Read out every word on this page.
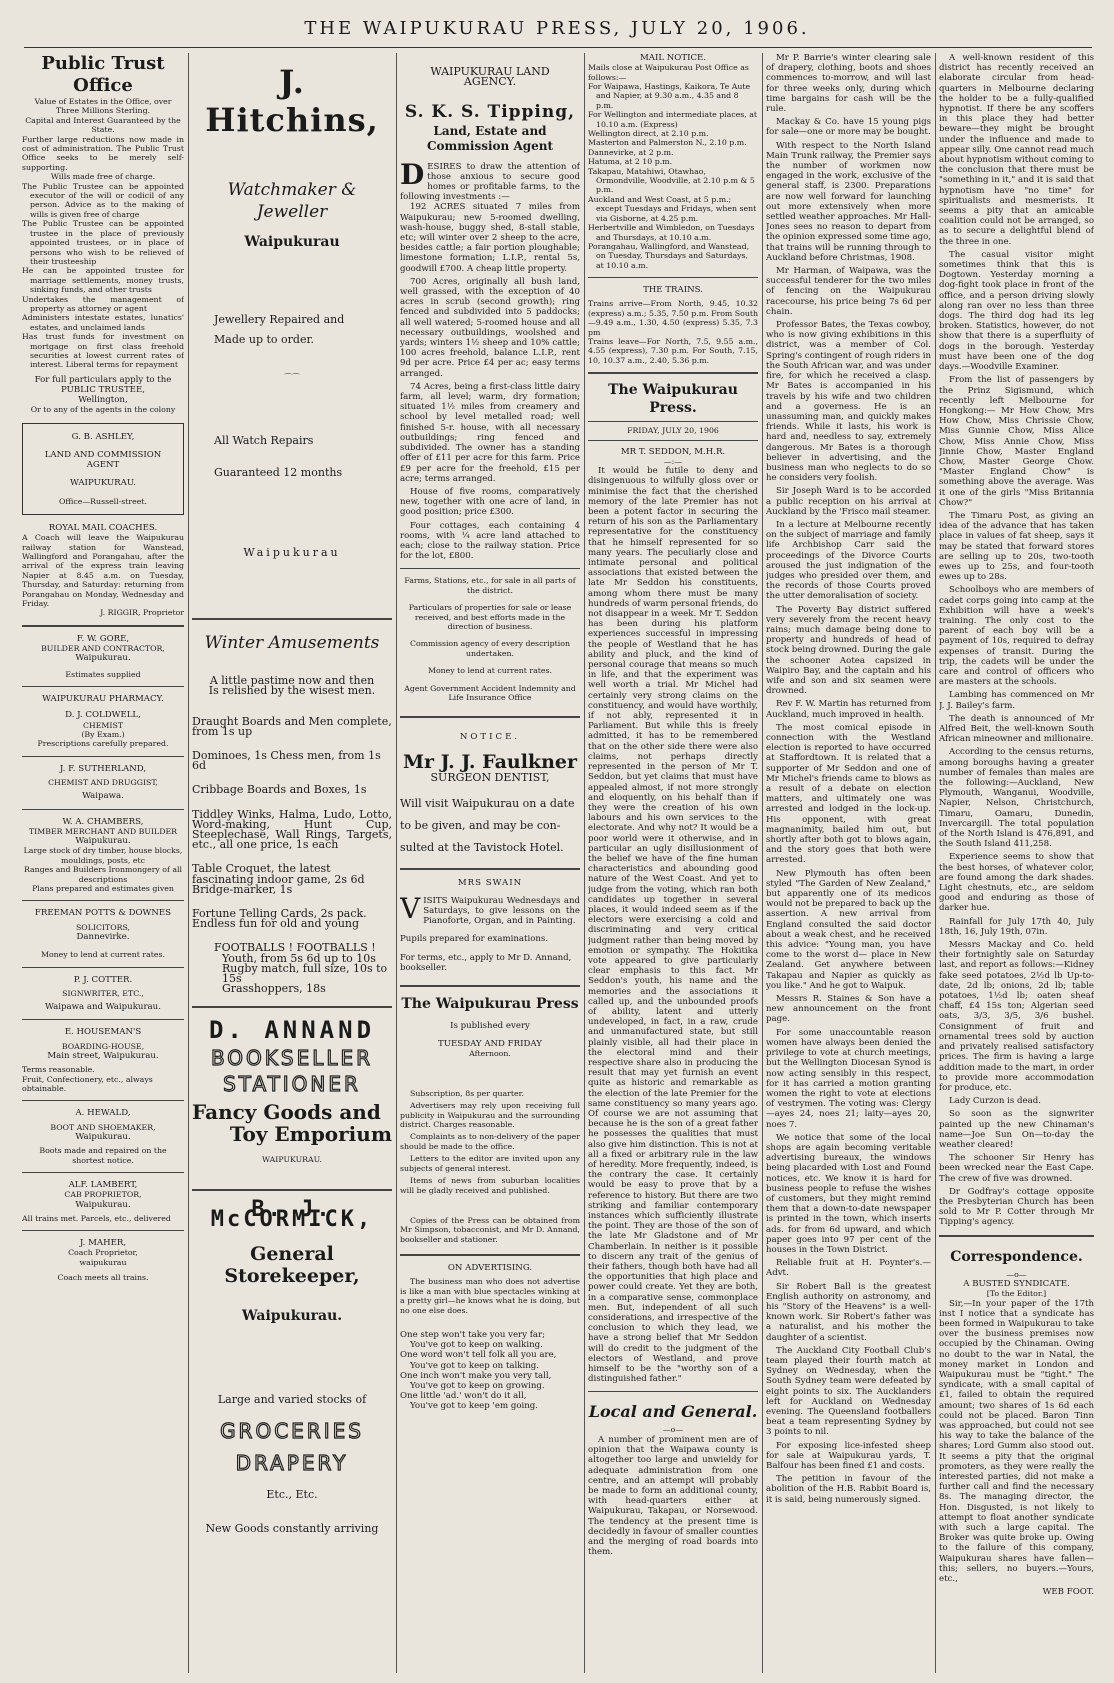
THE WAIPUKURAU PRESS, JULY 20, 1906.
Public Trust Office
Value of Estates in the Office, over Three Millions Sterling.
Capital and Interest Guaranteed by the State.
Further large reductions now made in cost of administration. The Public Trust Office seeks to be merely self-supporting.
Wills made free of charge.
The Public Trustee can be appointed executor of the will or codicil of any person. Advice as to the making of wills is given free of charge
The Public Trustee can be appointed trustee in the place of previously appointed trustees, or in place of persons who wish to be relieved of their trusteeship
He can be appointed trustee for marriage settlements, money trusts, sinking funds, and other trusts
Undertakes the management of property as attorney or agent
Administers intestate estates, lunatics' estates, and unclaimed lands
Has trust funds for investment on mortgage on first class freehold securities at lowest current rates of interest. Liberal terms for repayment
For full particulars apply to the
PUBLIC TRUSTEE,
Wellington,
Or to any of the agents in the colony
G. B. ASHLEY,
LAND AND COMMISSION AGENT
WAIPUKURAU.
Office—Russell-street.
ROYAL MAIL COACHES.
A Coach will leave the Waipukurau railway station for Wanstead, Wallingford and Porangahau, after the arrival of the express train leaving Napier at 8.45 a.m. on Tuesday, Thursday, and Saturday: returning from Porangahau on Monday, Wednesday and Friday.
J. RIGGIR, Proprietor
F. W. GORE,
BUILDER AND CONTRACTOR,
Waipukurau.
Estimates supplied
WAIPUKURAU PHARMACY.
D. J. COLDWELL,
CHEMIST
(By Exam.)
Prescriptions carefully prepared.
J. F. SUTHERLAND,
CHEMIST AND DRUGGIST,
Waipawa.
W. A. CHAMBERS,
TIMBER MERCHANT AND BUILDER
Waipukurau.
Large stock of dry timber, house blocks, mouldings, posts, etc
Ranges and Builders Ironmongery of all descriptions
Plans prepared and estimates given
FREEMAN POTTS & DOWNES
SOLICITORS,
Dannevirke.
Money to lend at current rates.
P. J. COTTER.
SIGNWRITER, ETC.,
Waipawa and Waipukurau.
E. HOUSEMAN'S
BOARDING-HOUSE,
Main street, Waipukurau.
Terms reasonable.
Fruit, Confectionery, etc., always obtainable.
A. HEWALD,
BOOT AND SHOEMAKER,
Waipukurau.
Boots made and repaired on the shortest notice.
ALF. LAMBERT,
CAB PROPRIETOR,
Waipukurau.
All trains met. Parcels, etc., delivered
J. MAHER,
Coach Proprietor,
waipukurau
Coach meets all trains.
J. Hitchins,
Watchmaker & Jeweller
Waipukurau
Jewellery Repaired and
Made up to order.
⌒⌒
All Watch Repairs
Guaranteed 12 months
Waipukurau
Winter Amusements
A little pastime now and then
Is relished by the wisest men.
Draught Boards and Men complete, from 1s up
Dominoes, 1s Chess men, from 1s 6d
Cribbage Boards and Boxes, 1s
Tiddley Winks, Halma, Ludo, Lotto, Word-making, Hunt Cup, Steeplechase, Wall Rings, Targets, etc., all one price, 1s each
Table Croquet, the latest fascinating indoor game, 2s 6d Bridge-marker, 1s
Fortune Telling Cards, 2s pack. Endless fun for old and young
FOOTBALLS ! FOOTBALLS !
Youth, from 5s 6d up to 10s
Rugby match, full size, 10s to 15s
Grasshoppers, 18s
D. ANNAND
BOOKSELLER
STATIONER
Fancy Goods and
Toy Emporium
WAIPUKURAU.
B. J. McCORMICK,
General Storekeeper,
Waipukurau.
Large and varied stocks of
GROCERIES
DRAPERY
Etc., Etc.
New Goods constantly arriving
WAIPUKURAU LAND AGENCY.
S. K. S. Tipping,
Land, Estate and Commission Agent
DESIRES to draw the attention of those anxious to secure good homes or profitable farms, to the following investments :—

192 ACRES situated 7 miles from Waipukurau; new 5-roomed dwelling, wash-house, buggy shed, 8-stall stable, etc; will winter over 2 sheep to the acre, besides cattle; a fair portion ploughable; limestone formation; L.I.P., rental 5s, goodwill £700. A cheap little property.

700 Acres, originally all bush land, well grassed, with the exception of 40 acres in scrub (second growth); ring fenced and subdivided into 5 paddocks; all well watered; 5-roomed house and all necessary outbuildings, woolshed and yards; winters 1½ sheep and 10% cattle; 100 acres freehold, balance L.I.P., rent 9d per acre. Price £4 per ac; easy terms arranged.

74 Acres, being a first-class little dairy farm, all level; warm, dry formation; situated 1½ miles from creamery and school by level metalled road; well finished 5-r. house, with all necessary outbuildings; ring fenced and subdivided. The owner has a standing offer of £11 per acre for this farm. Price £9 per acre for the freehold, £15 per acre; terms arranged.

House of five rooms, comparatively new, together with one acre of land, in good position; price £300.

Four cottages, each containing 4 rooms, with ¼ acre land attached to each; close to the railway station. Price for the lot, £800.

Farms, Stations, etc., for sale in all parts of the district.
Particulars of properties for sale or lease received, and best efforts made in the direction of business.
Commission agency of every description undertaken.
Money to lend at current rates.
Agent Government Accident Indemnity and Life Insurance Office
NOTICE.
Mr J. J. Faulkner
SURGEON DENTIST,
Will visit Waipukurau on a date
to be given, and may be con-
sulted at the Tavistock Hotel.
MRS SWAIN
VISITS Waipukurau Wednesdays and Saturdays, to give lessons on the Pianoforte, Organ, and in Painting.
Pupils prepared for examinations.
For terms, etc., apply to Mr D. Annand, bookseller.
The Waipukurau Press
Is published every
TUESDAY AND FRIDAY
Afternoon.

Subscription, 8s per quarter.

Advertisers may rely upon receiving full publicity in Waipukurau and the surrounding district. Charges reasonable.

Complaints as to non-delivery of the paper should be made to the office.

Letters to the editor are invited upon any subjects of general interest.

Items of news from suburban localities will be gladly received and published.

Copies of the Press can be obtained from Mr Simpson, tobacconist, and Mr D. Annand, bookseller and stationer.

ON ADVERTISING.

The business man who does not advertise is like a man with blue spectacles winking at a pretty girl—he knows what he is doing, but no one else does.

One step won't take you very far;
You've got to keep on walking.
One word won't tell folk all you are,
You've got to keep on talking.
One inch won't make you very tall,
You've got to keep on growing.
One little 'ad.' won't do it all,
You've got to keep 'em going.
MAIL NOTICE.
Mails close at Waipukurau Post Office as follows:—
For Waipawa, Hastings, Kaikora, Te Aute and Napier, at 9.30 a.m., 4.35 and 8 p.m.
For Wellington and intermediate places, at 10.10 a.m. (Express)
Wellington direct, at 2.10 p.m.
Masterton and Palmerston N., 2.10 p.m.
Dannevirke, at 2 p.m.
Hatuma, at 2 10 p.m.
Takapau, Matahiwi, Otawhao, Ormondville, Woodville, at 2.10 p.m & 5 p.m.
Auckland and West Coast, at 5 p.m.; except Tuesdays and Fridays, when sent via Gisborne, at 4.25 p.m.
Herbertville and Wimbledon, on Tuesdays and Thursdays, at 10.10 a.m.
Porangahau, Wallingford, and Wanstead, on Tuesday, Thursdays and Saturdays, at 10.10 a.m.
THE TRAINS.
Trains arrive—From North, 9.45, 10.32 (express) a.m.; 5.35, 7.50 p.m. From South—9.49 a.m., 1.30, 4.50 (express) 5.35, 7.3 pm
Trains leave—For North, 7.5, 9.55 a.m., 4.55 (express), 7.30 p.m. For South, 7.15, 10, 10.37 a.m., 2.40, 5.36 p.m.
The Waipukurau Press.
FRIDAY, JULY 20, 1906
MR T. SEDDON, M.H.R.
—:—

It would be futile to deny and disingenuous to wilfully gloss over or minimise the fact that the cherished memory of the late Premier has not been a potent factor in securing the return of his son as the Parliamentary representative for the constituency that he himself represented for so many years. The peculiarly close and intimate personal and political associations that existed between the late Mr Seddon his constituents, among whom there must be many hundreds of warm personal friends, do not disappear in a week. Mr T. Seddon has been during his platform experiences successful in impressing the people of Westland that he has ability and pluck, and the kind of personal courage that means so much in life, and that the experiment was well worth a trial. Mr Michel had certainly very strong claims on the constituency, and would have worthily, if not ably, represented it in Parliament. But while this is freely admitted, it has to be remembered that on the other side there were also claims, not perhaps directly represented in the person of Mr T. Seddon, but yet claims that must have appealed almost, if not more strongly and eloquently, on his behalf than if they were the creation of his own labours and his own services to the electorate. And why not? It would be a poor world were it otherwise, and in particular an ugly disillusionment of the belief we have of the fine human characteristics and abounding good nature of the West Coast. And yet to judge from the voting, which ran both candidates up together in several places, it would indeed seem as if the electors were exercising a cold and discriminating and very critical judgment rather than being moved by emotion or sympathy. The Hokitika vote appeared to give particularly clear emphasis to this fact. Mr Seddon's youth, his name and the memories and the associations it called up, and the unbounded proofs of ability, latent and utterly undeveloped, in fact, in a raw, crude and unmanufactured state, but still plainly visible, all had their place in the electoral mind and their respective share also in producing the result that may yet furnish an event quite as historic and remarkable as the election of the late Premier for the same constituency so many years ago. Of course we are not assuming that because he is the son of a great father he possesses the qualities that must also give him distinction. This is not at all a fixed or arbitrary rule in the law of heredity. More frequently, indeed, is the contrary the case. It certainly would be easy to prove that by a reference to history. But there are two striking and familiar contemporary instances which sufficiently illustrate the point. They are those of the son of the late Mr Gladstone and of Mr Chamberlain. In neither is it possible to discern any trait of the genius of their fathers, though both have had all the opportunities that high place and power could create. Yet they are both, in a comparative sense, commonplace men. But, independent of all such considerations, and irrespective of the conclusion to which they lead, we have a strong belief that Mr Seddon will do credit to the judgment of the electors of Westland, and prove himself to be the "worthy son of a distinguished father."

Local and General.
—o—

A number of prominent men are of opinion that the Waipawa county is altogether too large and unwieldy for adequate administration from one centre, and an attempt will probably be made to form an additional county, with head-quarters either at Waipukurau, Takapau, or Norsewood. The tendency at the present time is decidedly in favour of smaller counties and the merging of road boards into them.

Mr P. Barrie's winter clearing sale of drapery, clothing, boots and shoes commences to-morrow, and will last for three weeks only, during which time bargains for cash will be the rule.

Mackay & Co. have 15 young pigs for sale—one or more may be bought.

With respect to the North Island Main Trunk railway, the Premier says the number of workmen now engaged in the work, exclusive of the general staff, is 2300. Preparations are now well forward for launching out more extensively when more settled weather approaches. Mr Hall-Jones sees no reason to depart from the opinion expressed some time ago, that trains will be running through to Auckland before Christmas, 1908.

Mr Harman, of Waipawa, was the successful tenderer for the two miles of fencing on the Waipukurau racecourse, his price being 7s 6d per chain.

Professor Bates, the Texas cowboy, who is now giving exhibitions in this district, was a member of Col. Spring's contingent of rough riders in the South African war, and was under fire, for which he received a clasp. Mr Bates is accompanied in his travels by his wife and two children and a governess. He is an unassuming man, and quickly makes friends. While it lasts, his work is hard and, needless to say, extremely dangerous. Mr Bates is a thorough believer in advertising, and the business man who neglects to do so he considers very foolish.

Sir Joseph Ward is to be accorded a public reception on his arrival at Auckland by the 'Frisco mail steamer.

In a lecture at Melbourne recently on the subject of marriage and family life Archbishop Carr said the proceedings of the Divorce Courts aroused the just indignation of the judges who presided over them, and the records of those Courts proved the utter demoralisation of society.

The Poverty Bay district suffered very severely from the recent heavy rains; much damage being done to property and hundreds of head of stock being drowned. During the gale the schooner Aotea capsized in Waipiro Bay, and the captain and his wife and son and six seamen were drowned.

Rev F. W. Martin has returned from Auckland, much improved in health.

The most comical episode in connection with the Westland election is reported to have occurred at Staffordtown. It is related that a supporter of Mr Seddon and one of Mr Michel's friends came to blows as a result of a debate on election matters, and ultimately one was arrested and lodged in the lock-up. His opponent, with great magnanimity, bailed him out, but shortly after both got to blows again, and the story goes that both were arrested.

New Plymouth has often been styled "The Garden of New Zealand," but apparently one of its medicos would not be prepared to back up the assertion. A new arrival from England consulted the said doctor about a weak chest, and he received this advice: "Young man, you have come to the worst d— place in New Zealand. Get anywhere between Takapau and Napier as quickly as you like." And he got to Waipuk.

Messrs R. Staines & Son have a new announcement on the front page.

For some unaccountable reason women have always been denied the privilege to vote at church meetings, but the Wellington Diocesan Synod is now acting sensibly in this respect, for it has carried a motion granting women the right to vote at elections of vestrymen. The voting was: Clergy—ayes 24, noes 21; laity—ayes 20, noes 7.

We notice that some of the local shops are again becoming veritable advertising bureaux, the windows being placarded with Lost and Found notices, etc. We know it is hard for business people to refuse the wishes of customers, but they might remind them that a down-to-date newspaper is printed in the town, which inserts ads. for from 6d upward, and which paper goes into 97 per cent of the houses in the Town District.

Reliable fruit at H. Poynter's.—Advt.

Sir Robert Ball is the greatest English authority on astronomy, and his "Story of the Heavens" is a well-known work. Sir Robert's father was a naturalist, and his mother the daughter of a scientist.

The Auckland City Football Club's team played their fourth match at Sydney on Wednesday, when the South Sydney team were defeated by eight points to six. The Aucklanders left for Auckland on Wednesday evening. The Queensland footballers beat a team representing Sydney by 3 points to nil.

For exposing lice-infested sheep for sale at Waipukurau yards, T. Balfour has been fined £1 and costs.

The petition in favour of the abolition of the H.B. Rabbit Board is, it is said, being numerously signed.

A well-known resident of this district has recently received an elaborate circular from head-quarters in Melbourne declaring the holder to be a fully-qualified hypnotist. If there be any scoffers in this place they had better beware—they might be brought under the influence and made to appear silly. One cannot read much about hypnotism without coming to the conclusion that there must be "something in it," and it is said that hypnotism have "no time" for spiritualists and mesmerists. It seems a pity that an amicable coalition could not be arranged, so as to secure a delightful blend of the three in one.

The casual visitor might sometimes think that this is Dogtown. Yesterday morning a dog-fight took place in front of the office, and a person driving slowly along ran over no less than three dogs. The third dog had its leg broken. Statistics, however, do not show that there is a superfluity of dogs in the borough. Yesterday must have been one of the dog days.—Woodville Examiner.

From the list of passengers by the Prinz Sigismund, which recently left Melbourne for Hongkong:— Mr How Chow, Mrs How Chow, Miss Chrissie Chow, Miss Gunnie Chow, Miss Alice Chow, Miss Annie Chow, Miss Jinnie Chow, Master England Chow, Master George Chow. "Master England Chow" is something above the average. Was it one of the girls "Miss Britannia Chow?"

The Timaru Post, as giving an idea of the advance that has taken place in values of fat sheep, says it may be stated that forward stores are selling up to 20s, two-tooth ewes up to 25s, and four-tooth ewes up to 28s.

Schoolboys who are members of cadet corps going into camp at the Exhibition will have a week's training. The only cost to the parent of each boy will be a payment of 10s, required to defray expenses of transit. During the trip, the cadets will be under the care and control of officers who are masters at the schools.

Lambing has commenced on Mr J. J. Bailey's farm.

The death is announced of Mr Alfred Beit, the well-known South African mineowner and millionaire.

According to the census returns, among boroughs having a greater number of females than males are the following:—Auckland, New Plymouth, Wanganui, Woodville, Napier, Nelson, Christchurch, Timaru, Oamaru, Dunedin, Invercargill. The total population of the North Island is 476,891, and the South Island 411,258.

Experience seems to show that the best horses, of whatever color, are found among the dark shades. Light chestnuts, etc., are seldom good and enduring as those of darker hue.

Rainfall for July 17th 40, July 18th, 16, July 19th, 07in.

Messrs Mackay and Co. held their fortnightly sale on Saturday last, and report as follows:—Kidney fake seed potatoes, 2½d lb Up-to-date, 2d lb; onions, 2d lb; table potatoes, 1½d lb; oaten sheaf chaff, £4 15s ton; Algerian seed oats, 3/3, 3/5, 3/6 bushel. Consignment of fruit and ornamental trees sold by auction and privately realised satisfactory prices. The firm is having a large addition made to the mart, in order to provide more accommodation for produce, etc.

Lady Curzon is dead.

So soon as the signwriter painted up the new Chinaman's name—Joe Sun On—to-day the weather cleared!

The schooner Sir Henry has been wrecked near the East Cape. The crew of five was drowned.

Dr Godfray's cottage opposite the Presbyterian Church has been sold to Mr P. Cotter through Mr Tipping's agency.

Correspondence.
—o—
A BUSTED SYNDICATE.
[To the Editor.]

Sir,—In your paper of the 17th inst I notice that a syndicate has been formed in Waipukurau to take over the business premises now occupied by the Chinaman. Owing no doubt to the war in Natal, the money market in London and Waipukurau must be "tight." The syndicate, with a small capital of £1, failed to obtain the required amount; two shares of 1s 6d each could not be placed. Baron Tinn was approached, but could not see his way to take the balance of the shares; Lord Gumm also stood out. It seems a pity that the original promoters, as they were really the interested parties, did not make a further call and find the necessary 8s. The managing director, the Hon. Disgusted, is not likely to attempt to float another syndicate with such a large capital. The Broker was quite broke up. Owing to the failure of this company, Waipukurau shares have fallen—this; sellers, no buyers.—Yours, etc.,

WEB FOOT.
